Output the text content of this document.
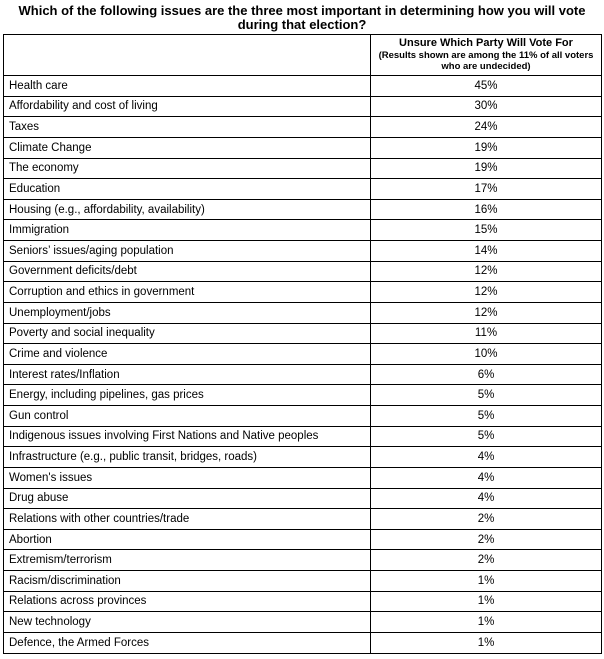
Which of the following issues are the three most important in determining how you will vote during that election?
	Unsure Which Party Will Vote For
(Results shown are among the 11% of all voters who are undecided)

Health care	45%
Affordability and cost of living	30%
Taxes	24%
Climate Change	19%
The economy	19%
Education	17%
Housing (e.g., affordability, availability)	16%
Immigration	15%
Seniors’ issues/aging population	14%
Government deficits/debt	12%
Corruption and ethics in government	12%
Unemployment/jobs	12%
Poverty and social inequality	11%
Crime and violence	10%
Interest rates/Inflation	6%
Energy, including pipelines, gas prices	5%
Gun control	5%
Indigenous issues involving First Nations and Native peoples	5%
Infrastructure (e.g., public transit, bridges, roads)	4%
Women's issues	4%
Drug abuse	4%
Relations with other countries/trade	2%
Abortion	2%
Extremism/terrorism	2%
Racism/discrimination	1%
Relations across provinces	1%
New technology	1%
Defence, the Armed Forces	1%
